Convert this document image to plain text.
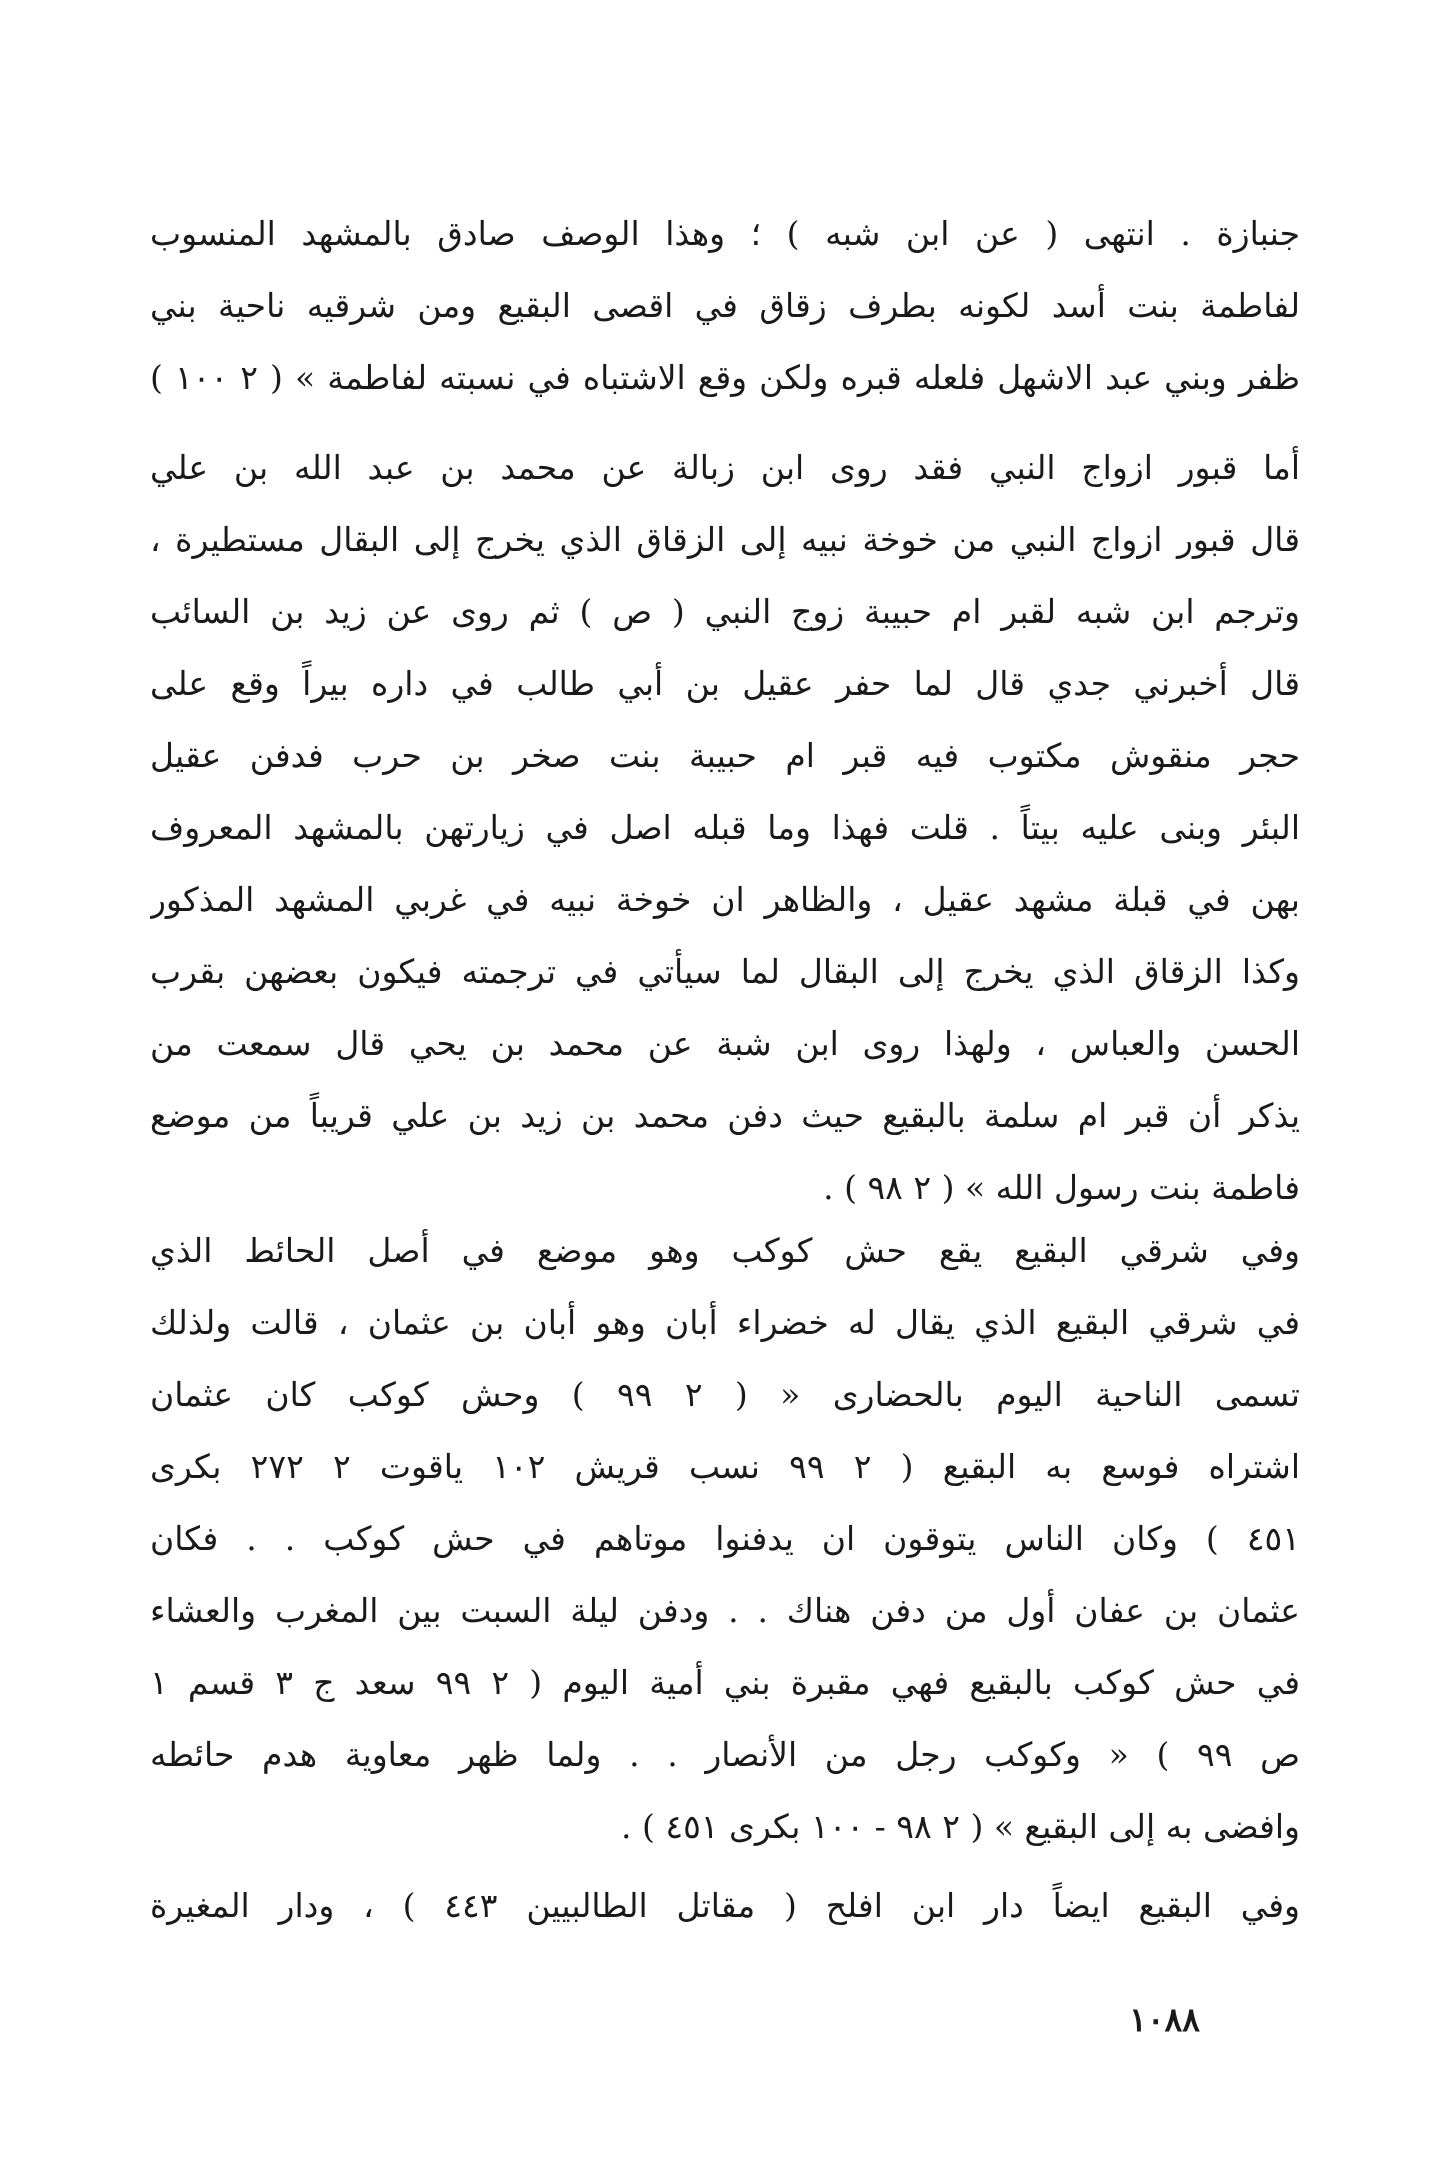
جنبازة . انتهى ( عن ابن شبه ) ؛ وهذا الوصف صادق بالمشهد المنسوب
لفاطمة بنت أسد لكونه بطرف زقاق في اقصى البقيع ومن شرقيه ناحية بني
ظفر وبني عبد الاشهل فلعله قبره ولكن وقع الاشتباه في نسبته لفاطمة » ( ٢ ١٠٠ )
أما قبور ازواج النبي فقد روى ابن زبالة عن محمد بن عبد الله بن علي
قال قبور ازواج النبي من خوخة نبيه إلى الزقاق الذي يخرج إلى البقال مستطيرة ،
وترجم ابن شبه لقبر ام حبيبة زوج النبي ( ص ) ثم روى عن زيد بن السائب
قال أخبرني جدي قال لما حفر عقيل بن أبي طالب في داره بيراً وقع على
حجر منقوش مكتوب فيه قبر ام حبيبة بنت صخر بن حرب فدفن عقيل
البئر وبنى عليه بيتاً . قلت فهذا وما قبله اصل في زيارتهن بالمشهد المعروف
بهن في قبلة مشهد عقيل ، والظاهر ان خوخة نبيه في غربي المشهد المذكور
وكذا الزقاق الذي يخرج إلى البقال لما سيأتي في ترجمته فيكون بعضهن بقرب
الحسن والعباس ، ولهذا روى ابن شبة عن محمد بن يحي قال سمعت من
يذكر أن قبر ام سلمة بالبقيع حيث دفن محمد بن زيد بن علي قريباً من موضع
فاطمة بنت رسول الله » ( ٢ ٩٨ ) .
وفي شرقي البقيع يقع حش كوكب وهو موضع في أصل الحائط الذي
في شرقي البقيع الذي يقال له خضراء أبان وهو أبان بن عثمان ، قالت ولذلك
تسمى الناحية اليوم بالحضارى « ( ٢ ٩٩ ) وحش كوكب كان عثمان
اشتراه فوسع به البقيع ( ٢ ٩٩ نسب قريش ١٠٢ ياقوت ٢ ٢٧٢ بكرى
٤٥١ ) وكان الناس يتوقون ان يدفنوا موتاهم في حش كوكب . . فكان
عثمان بن عفان أول من دفن هناك . . ودفن ليلة السبت بين المغرب والعشاء
في حش كوكب بالبقيع فهي مقبرة بني أمية اليوم ( ٢ ٩٩ سعد ج ٣ قسم ١
ص ٩٩ ) « وكوكب رجل من الأنصار . . ولما ظهر معاوية هدم حائطه
وافضى به إلى البقيع » ( ٢ ٩٨ - ١٠٠ بكرى ٤٥١ ) .
وفي البقيع ايضاً دار ابن افلح ( مقاتل الطالبيين ٤٤٣ ) ، ودار المغيرة
١٠٨٨
